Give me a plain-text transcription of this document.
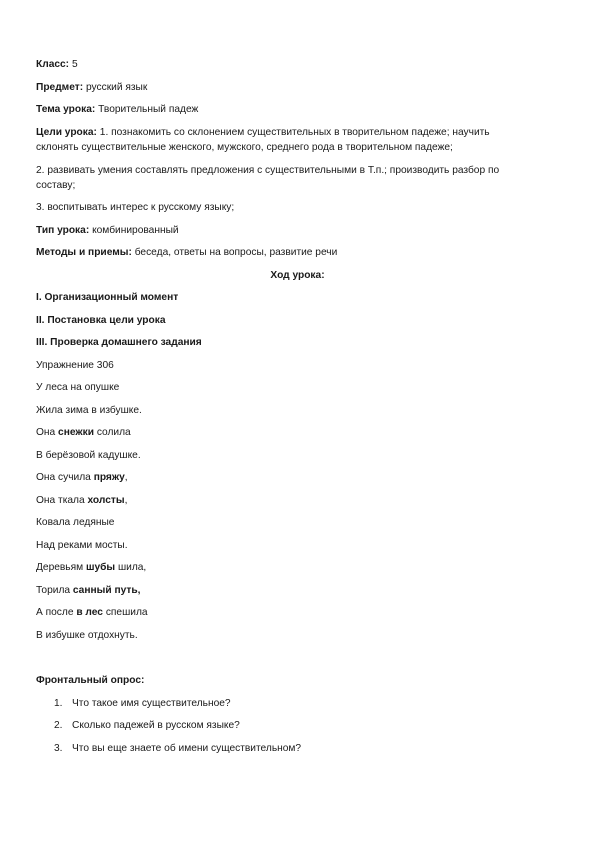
Класс: 5
Предмет: русский язык
Тема урока: Творительный падеж
Цели урока: 1. познакомить со склонением существительных в творительном падеже; научить
склонять существительные женского, мужского, среднего рода в творительном падеже;
2. развивать умения составлять предложения с существительными в Т.п.; производить разбор по
составу;
3. воспитывать интерес к русскому языку;
Тип урока: комбинированный
Методы и приемы: беседа, ответы на вопросы, развитие речи
Ход урока:
I. Организационный момент
II. Постановка цели урока
III. Проверка домашнего задания
Упражнение 306
У леса на опушке
Жила зима в избушке.
Она снежки солила
В берёзовой кадушке.
Она сучила пряжу,
Она ткала холсты,
Ковала ледяные
Над реками мосты.
Деревьям шубы шила,
Торила санный путь,
А после в лес спешила
В избушке отдохнуть.
Фронтальный опрос:
1. Что такое имя существительное?
2. Сколько падежей в русском языке?
3. Что вы еще знаете об имени существительном?
